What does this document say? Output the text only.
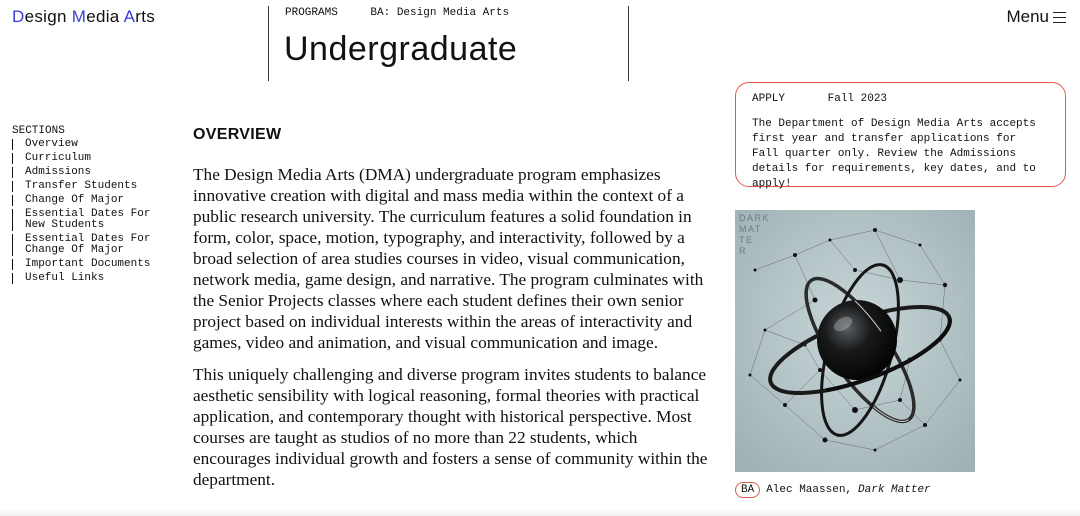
Design Media Arts	PROGRAMS	BA: Design Media Arts
Undergraduate
Menu
SECTIONS
Overview
Curriculum
Admissions
Transfer Students
Change Of Major
Essential Dates For New Students
Essential Dates For Change Of Major
Important Documents
Useful Links
OVERVIEW

The Design Media Arts (DMA) undergraduate program emphasizes innovative creation with digital and mass media within the context of a public research university. The curriculum features a solid foundation in form, color, space, motion, typography, and interactivity, followed by a broad selection of area studies courses in video, visual communication, network media, game design, and narrative. The program culminates with the Senior Projects classes where each student defines their own senior project based on individual interests within the areas of interactivity and games, video and animation, and visual communication and image.

This uniquely challenging and diverse program invites students to balance aesthetic sensibility with logical reasoning, formal theories with practical application, and contemporary thought with historical perspective. Most courses are taught as studios of no more than 22 students, which encourages individual growth and fosters a sense of community within the department.

APPLY	Fall 2023
The Department of Design Media Arts accepts first year and transfer applications for Fall quarter only. Review the Admissions details for requirements, key dates, and to apply!
DARK
MAT
TE
R
BA	Alec Maassen, Dark Matter
